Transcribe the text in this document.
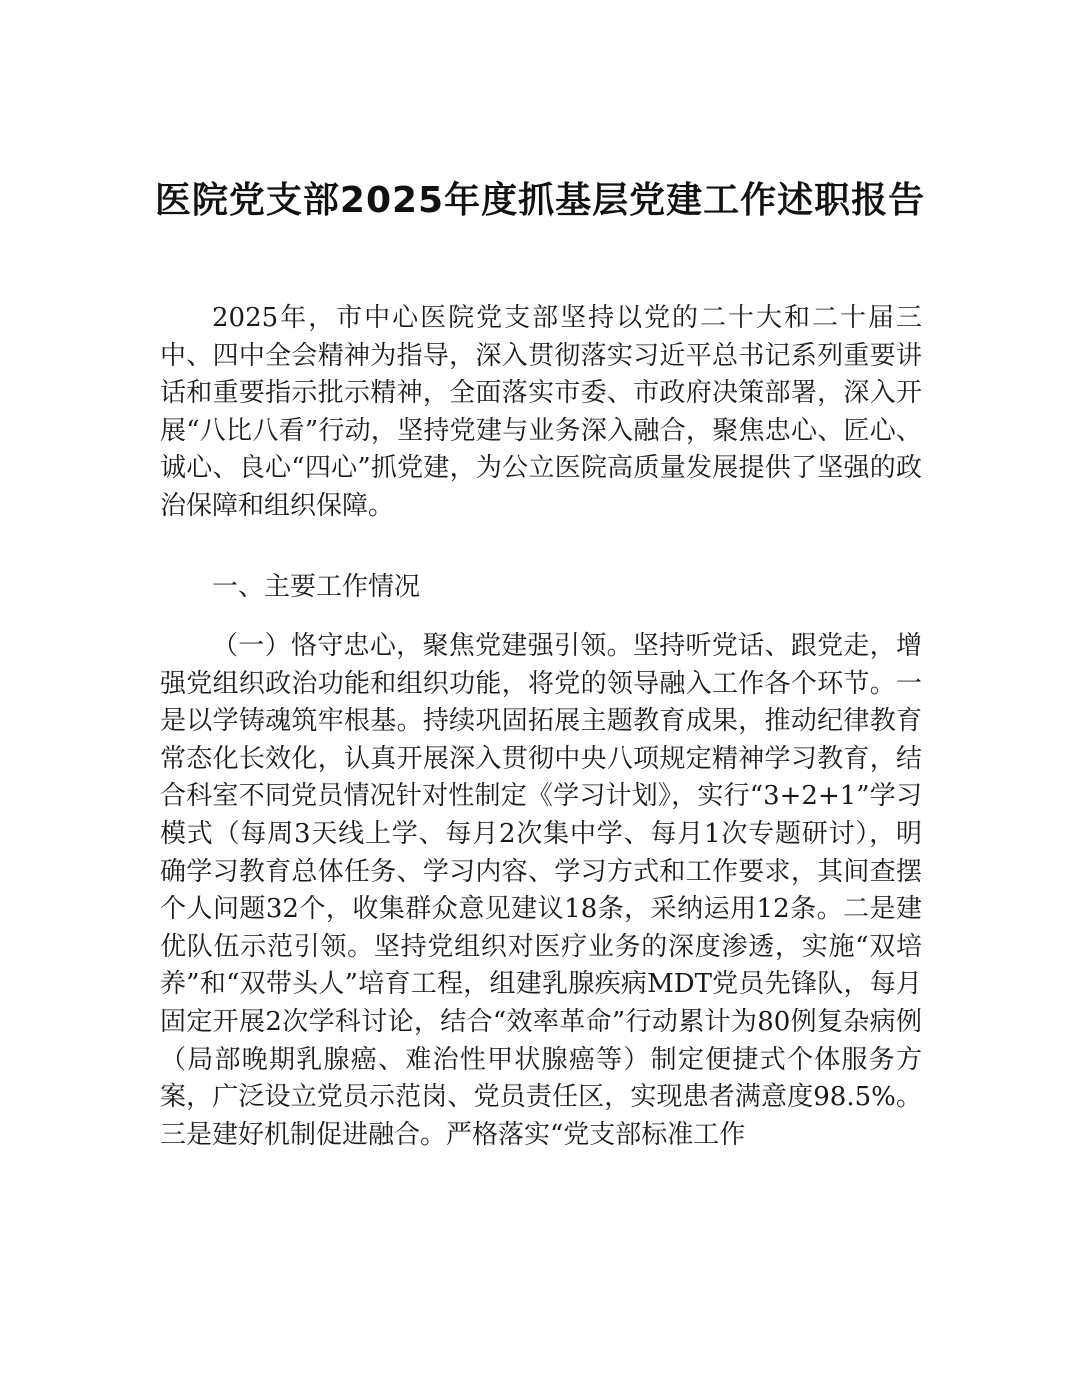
医院党支部2025年度抓基层党建工作述职报告

2025年，市中心医院党支部坚持以党的二十大和二十届三中、四中全会精神为指导，深入贯彻落实习近平总书记系列重要讲话和重要指示批示精神，全面落实市委、市政府决策部署，深入开展“八比八看”行动，坚持党建与业务深入融合，聚焦忠心、匠心、诚心、良心“四心”抓党建，为公立医院高质量发展提供了坚强的政治保障和组织保障。

一、主要工作情况

（一）恪守忠心，聚焦党建强引领。坚持听党话、跟党走，增强党组织政治功能和组织功能，将党的领导融入工作各个环节。一是以学铸魂筑牢根基。持续巩固拓展主题教育成果，推动纪律教育常态化长效化，认真开展深入贯彻中央八项规定精神学习教育，结合科室不同党员情况针对性制定《学习计划》，实行“3+2+1”学习模式（每周3天线上学、每月2次集中学、每月1次专题研讨），明确学习教育总体任务、学习内容、学习方式和工作要求，其间查摆个人问题32个，收集群众意见建议18条，采纳运用12条。二是建优队伍示范引领。坚持党组织对医疗业务的深度渗透，实施“双培养”和“双带头人”培育工程，组建乳腺疾病MDT党员先锋队，每月固定开展2次学科讨论，结合“效率革命”行动累计为80例复杂病例（局部晚期乳腺癌、难治性甲状腺癌等）制定便捷式个体服务方案，广泛设立党员示范岗、党员责任区，实现患者满意度98.5%。三是建好机制促进融合。严格落实“党支部标准工作
